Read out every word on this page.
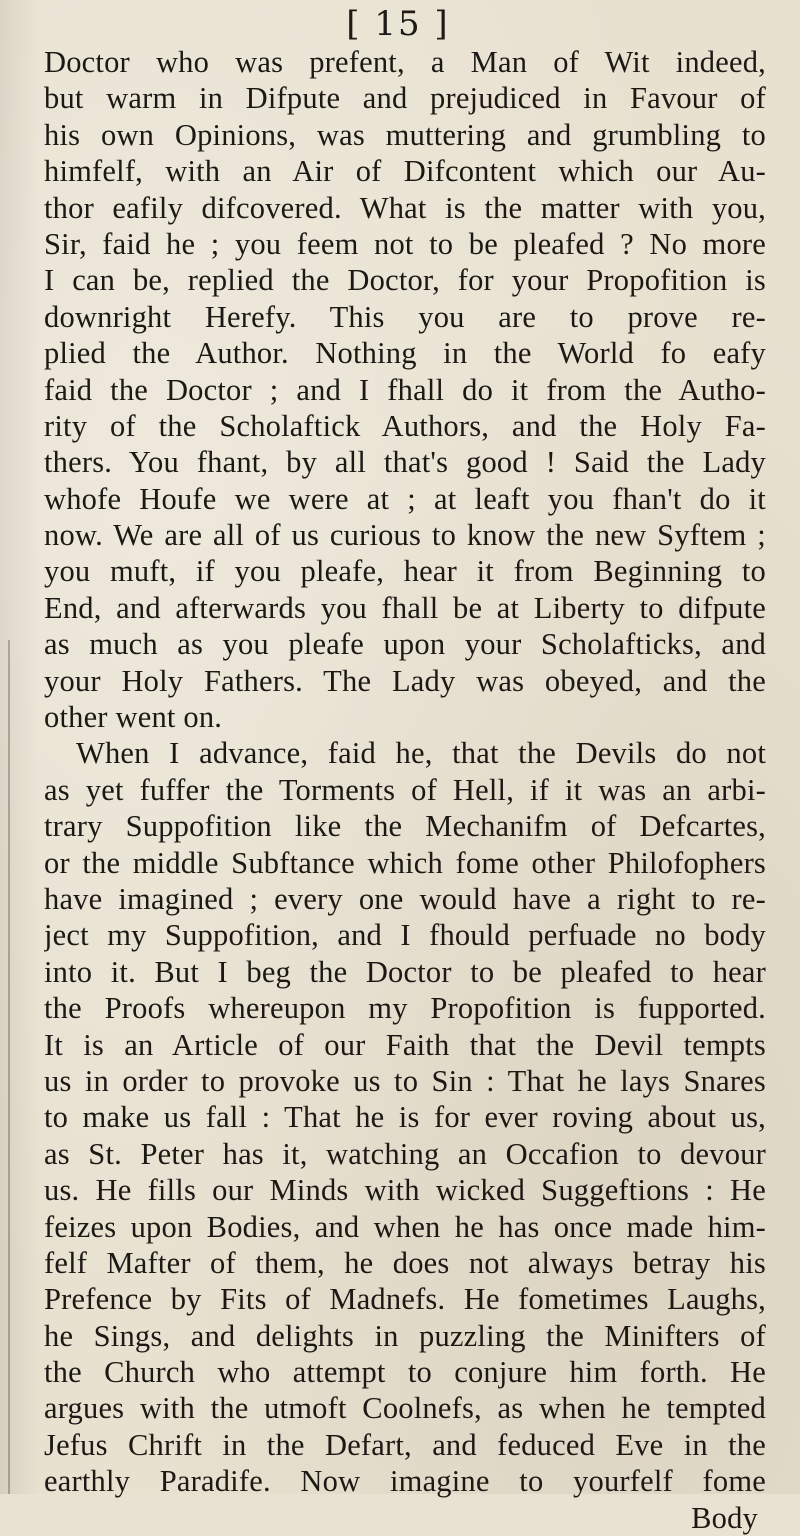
[ 15 ]
Doctor who was prefent, a Man of Wit indeed,
but warm in Difpute and prejudiced in Favour of
his own Opinions, was muttering and grumbling to
himfelf, with an Air of Difcontent which our Au-
thor eafily difcovered. What is the matter with you,
Sir, faid he ; you feem not to be pleafed ? No more
I can be, replied the Doctor, for your Propofition is
downright Herefy. This you are to prove re-
plied the Author. Nothing in the World fo eafy
faid the Doctor ; and I fhall do it from the Autho-
rity of the Scholaftick Authors, and the Holy Fa-
thers. You fhant, by all that's good ! Said the Lady
whofe Houfe we were at ; at leaft you fhan't do it
now. We are all of us curious to know the new Syftem ;
you muft, if you pleafe, hear it from Beginning to
End, and afterwards you fhall be at Liberty to difpute
as much as you pleafe upon your Scholafticks, and
your Holy Fathers. The Lady was obeyed, and the
other went on.
When I advance, faid he, that the Devils do not
as yet fuffer the Torments of Hell, if it was an arbi-
trary Suppofition like the Mechanifm of Defcartes,
or the middle Subftance which fome other Philofophers
have imagined ; every one would have a right to re-
ject my Suppofition, and I fhould perfuade no body
into it. But I beg the Doctor to be pleafed to hear
the Proofs whereupon my Propofition is fupported.
It is an Article of our Faith that the Devil tempts
us in order to provoke us to Sin : That he lays Snares
to make us fall : That he is for ever roving about us,
as St. Peter has it, watching an Occafion to devour
us. He fills our Minds with wicked Suggeftions : He
feizes upon Bodies, and when he has once made him-
felf Mafter of them, he does not always betray his
Prefence by Fits of Madnefs. He fometimes Laughs,
he Sings, and delights in puzzling the Minifters of
the Church who attempt to conjure him forth. He
argues with the utmoft Coolnefs, as when he tempted
Jefus Chrift in the Defart, and feduced Eve in the
earthly Paradife. Now imagine to yourfelf fome
Body
